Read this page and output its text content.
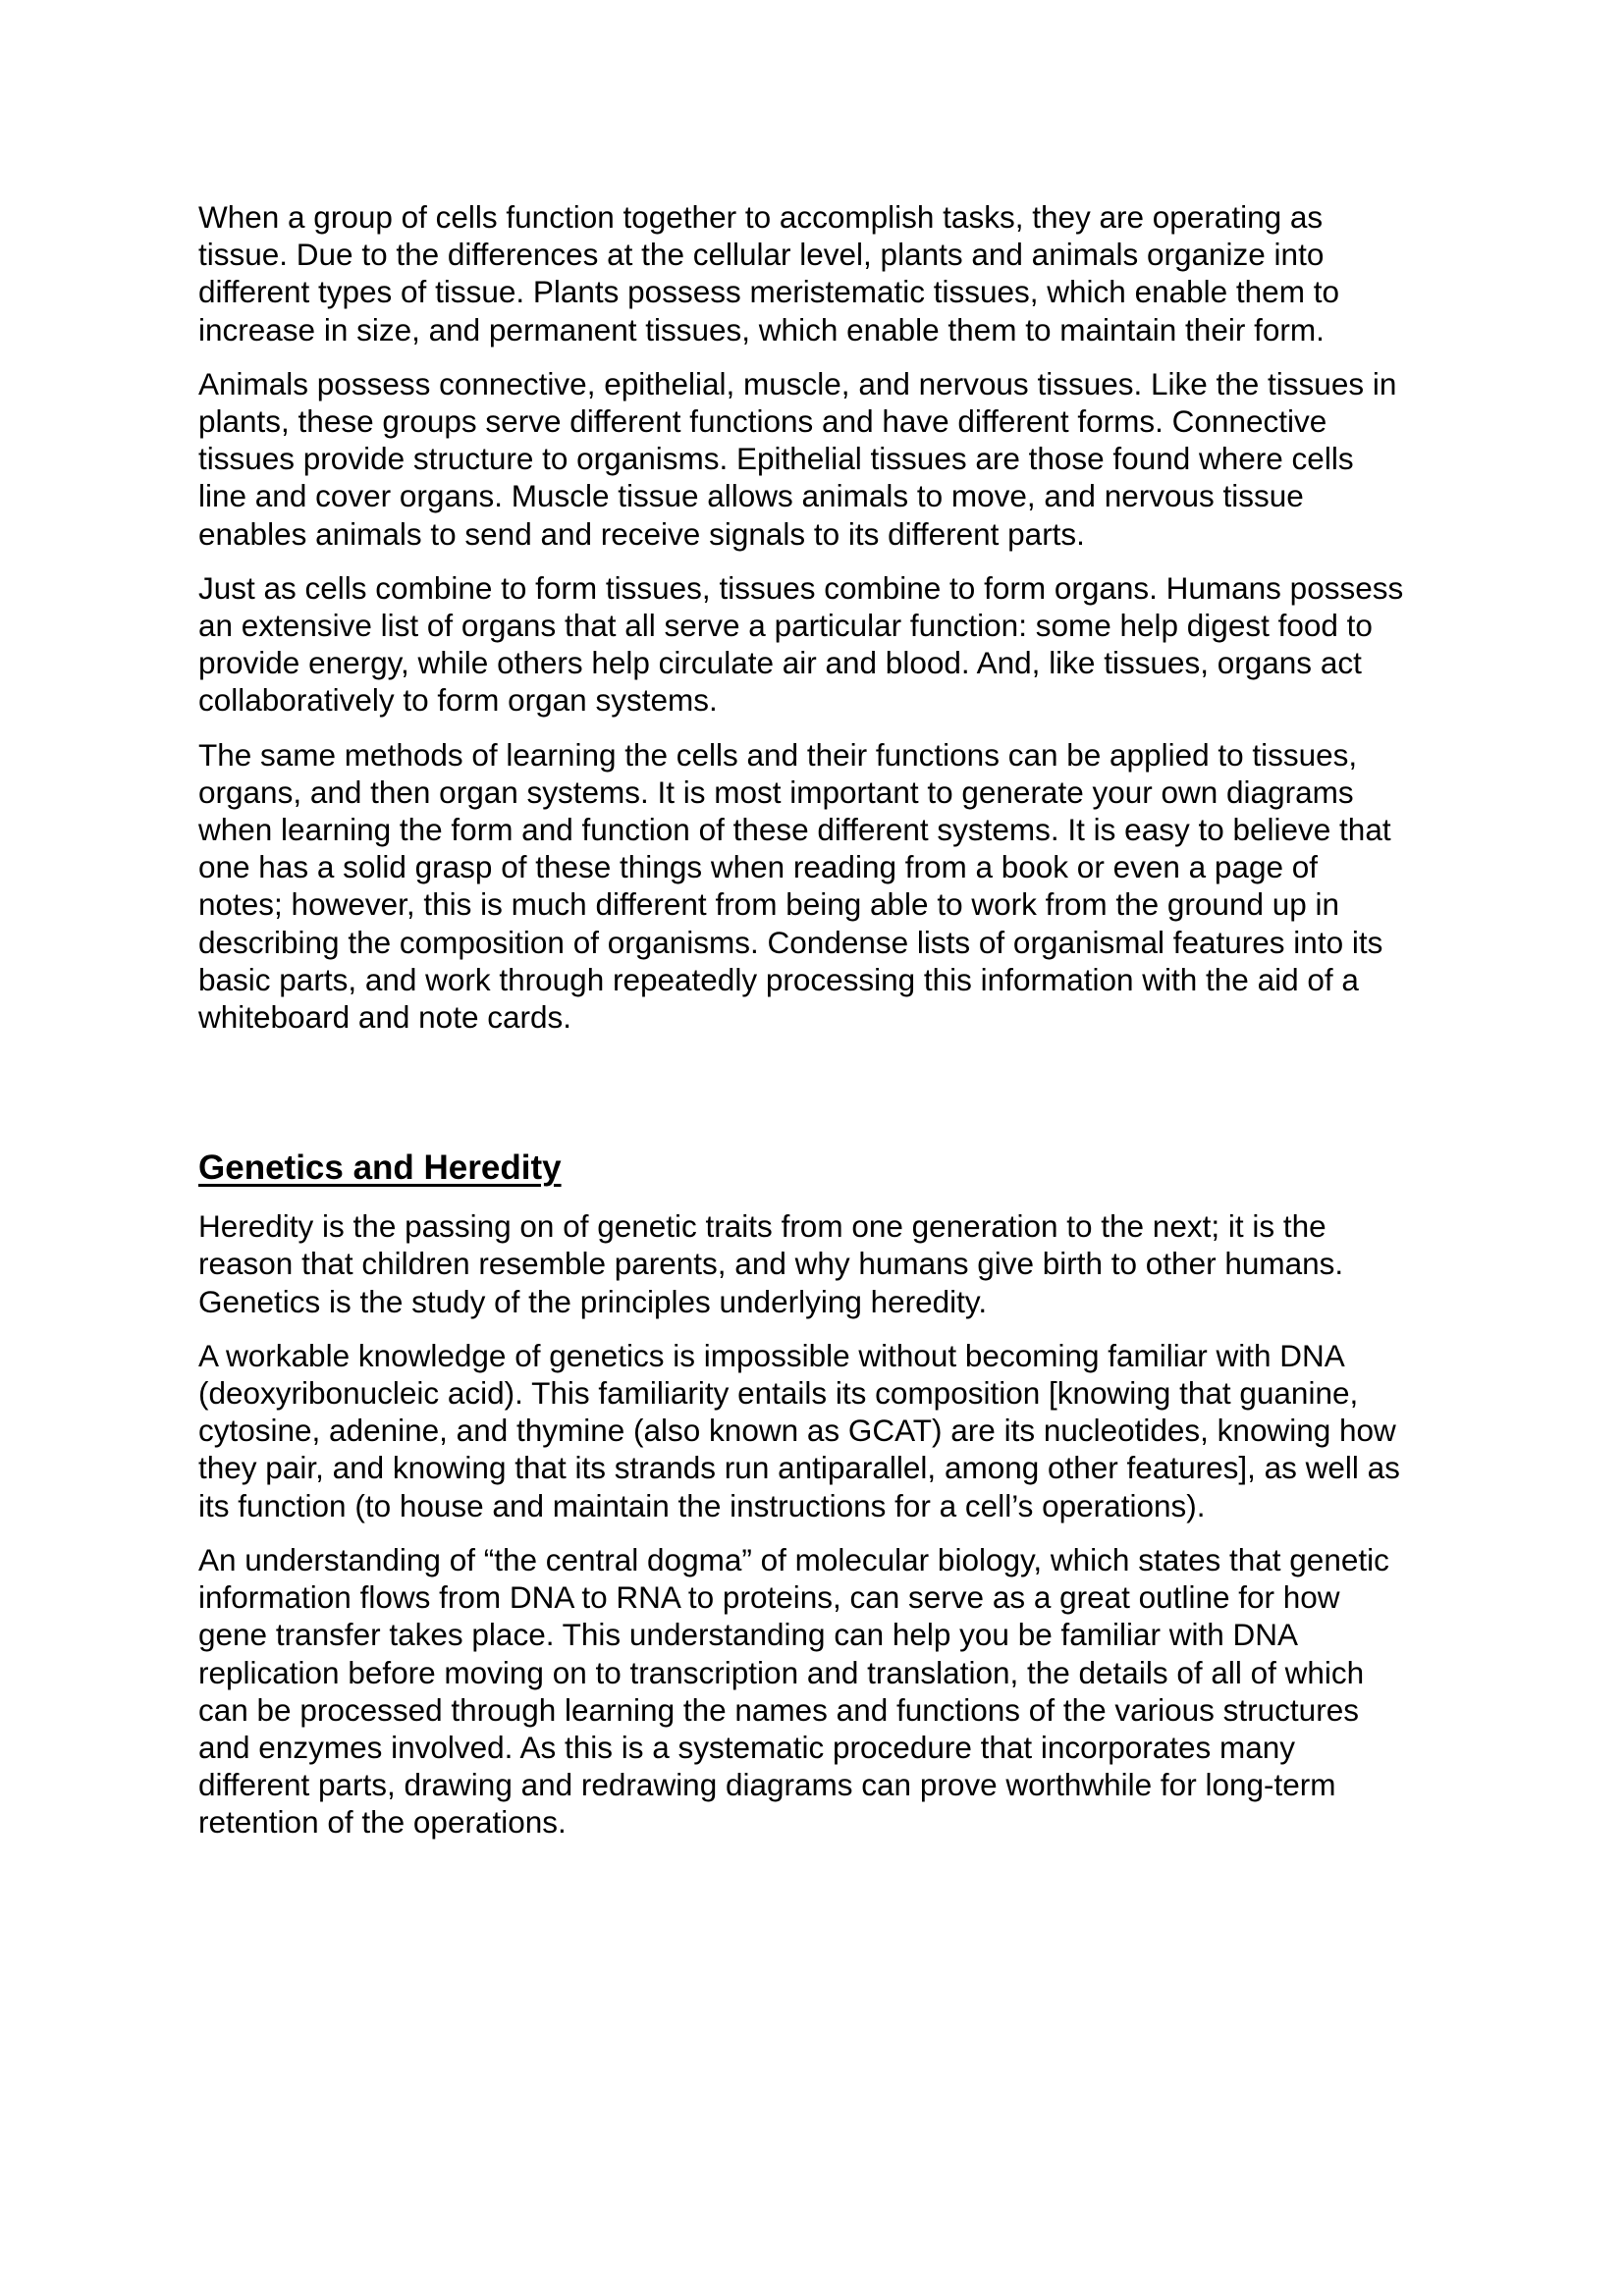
When a group of cells function together to accomplish tasks, they are operating as
tissue. Due to the differences at the cellular level, plants and animals organize into
different types of tissue. Plants possess meristematic tissues, which enable them to
increase in size, and permanent tissues, which enable them to maintain their form.

Animals possess connective, epithelial, muscle, and nervous tissues. Like the tissues in
plants, these groups serve different functions and have different forms. Connective
tissues provide structure to organisms. Epithelial tissues are those found where cells
line and cover organs. Muscle tissue allows animals to move, and nervous tissue
enables animals to send and receive signals to its different parts.

Just as cells combine to form tissues, tissues combine to form organs. Humans possess
an extensive list of organs that all serve a particular function: some help digest food to
provide energy, while others help circulate air and blood. And, like tissues, organs act
collaboratively to form organ systems.

The same methods of learning the cells and their functions can be applied to tissues,
organs, and then organ systems. It is most important to generate your own diagrams
when learning the form and function of these different systems. It is easy to believe that
one has a solid grasp of these things when reading from a book or even a page of
notes; however, this is much different from being able to work from the ground up in
describing the composition of organisms. Condense lists of organismal features into its
basic parts, and work through repeatedly processing this information with the aid of a
whiteboard and note cards.

Genetics and Heredity

Heredity is the passing on of genetic traits from one generation to the next; it is the
reason that children resemble parents, and why humans give birth to other humans.
Genetics is the study of the principles underlying heredity.

A workable knowledge of genetics is impossible without becoming familiar with DNA
(deoxyribonucleic acid). This familiarity entails its composition [knowing that guanine,
cytosine, adenine, and thymine (also known as GCAT) are its nucleotides, knowing how
they pair, and knowing that its strands run antiparallel, among other features], as well as
its function (to house and maintain the instructions for a cell’s operations).

An understanding of “the central dogma” of molecular biology, which states that genetic
information flows from DNA to RNA to proteins, can serve as a great outline for how
gene transfer takes place. This understanding can help you be familiar with DNA
replication before moving on to transcription and translation, the details of all of which
can be processed through learning the names and functions of the various structures
and enzymes involved. As this is a systematic procedure that incorporates many
different parts, drawing and redrawing diagrams can prove worthwhile for long-term
retention of the operations.
